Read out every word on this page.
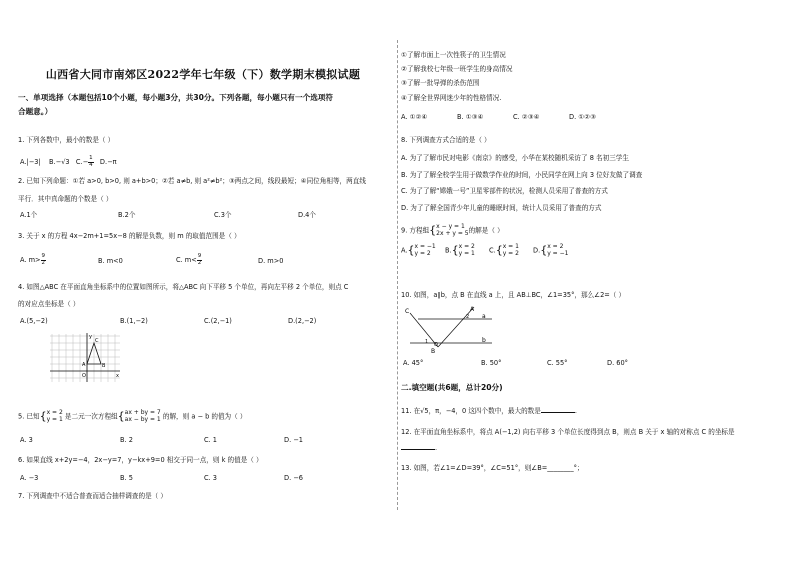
山西省大同市南郊区2022学年七年级（下）数学期末模拟试题
一、单项选择（本题包括10个小题，每小题3分，共30分。下列各题，每小题只有一个选项符
合题意。）
1. 下列各数中，最小的数是（ ）
A.|−3| B.−√3 $C.- \frac{1}{4} D.-\pi$
2. 已知下列命题：①若 a>0, b>0, 则 a+b>0；②若 a≠b, 则 a²≠b²；③两点之间，线段最短；④同位角相等，两直线
平行．其中真命题的个数是（ ）
A.1个	B.2个	C.3个	D.4个
3. 关于 x 的方程 4x−2m+1=5x−8 的解是负数，则 m 的取值范围是（ ）
A. $m> \frac{9}{2}$	B. m<0	C. $m< \frac{9}{2}$	D. m>0
4. 如图△ABC 在平面直角坐标系中的位置如图所示，将△ABC 向下平移 5 个单位，再向左平移 2 个单位，则点 C
的对应点坐标是（ ）
A.(5,−2)	B.(1,−2)	C.(2,−1)	D.(2,−2)
y
x
A	B
C
O
5. 已知{x = 2
y = 1 是二元一次方程组{ax + by = 7
ax − by = 1 的解，则 a − b 的值为（ ）
A. 3	B. 2	C. 1	D. −1
6. 如果直线 x+2y=−4，2x−y=7，y−kx+9=0 相交于同一点，则 k 的值是（ ）
A. −3	B. 5	C. 3	D. −6
7. 下列调查中不适合普查而适合抽样调查的是（ ）
①了解市面上一次性筷子的卫生情况
②了解我校七年级一班学生的身高情况
③了解一批导弹的杀伤范围
④了解全世界网迷少年的性格情况.
A. ①②④	B. ①③④	C. ②③④	D. ①②③
8. 下列调查方式合适的是（ ）
A. 为了了解市民对电影《南京》的感受，小华在某校随机采访了 8 名初三学生
B. 为了了解全校学生用于做数学作业的时间，小民同学在网上向 3 位好友做了调查
C. 为了了解“嫦娥一号”卫星零部件的状况，检测人员采用了普查的方式
D. 为了了解全国青少年儿童的睡眠时间，统计人员采用了普查的方式
9. 方程组{x − y = 1
2x + y = 5的解是（ ）
A.{x = −1
y = 2	B.{x = 2
y = 1 C.{x = 1
y = 2 D.{x = 2
y = −1
10. 如图，a∥b，点 B 在直线 a 上，且 AB⊥BC，∠1=35°，那么∠2=（ ）
A. 45°	B. 50°	C. 55°	D. 60°
C	A
2 a
b
1
B
二.填空题(共6题，总计20分)
11. 在√5，π，−4，0 这四个数中，最大的数是	.
12. 在平面直角坐标系中，将点 A(−1,2) 向右平移 3 个单位长度得到点 B，则点 B 关于 x 轴的对称点 C 的坐标是
.
13. 如图，若∠1=∠D=39°，∠C=51°，则∠B=________°；
